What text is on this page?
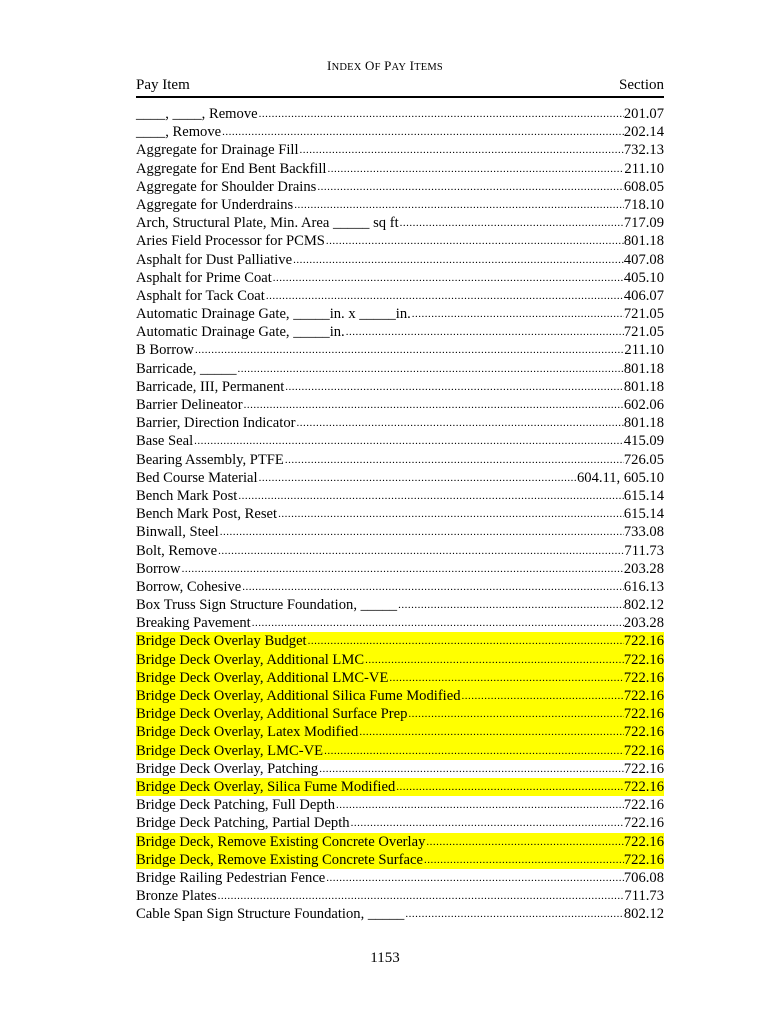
INDEX OF PAY ITEMS
Pay Item	Section
____, ____, Remove .....	201.07
____, Remove .....	202.14
Aggregate for Drainage Fill .....	732.13
Aggregate for End Bent Backfill .....	211.10
Aggregate for Shoulder Drains .....	608.05
Aggregate for Underdrains .....	718.10
Arch, Structural Plate, Min. Area _____ sq ft .....	717.09
Aries Field Processor for PCMS .....	801.18
Asphalt for Dust Palliative .....	407.08
Asphalt for Prime Coat .....	405.10
Asphalt for Tack Coat .....	406.07
Automatic Drainage Gate, _____in. x _____in. .....	721.05
Automatic Drainage Gate, _____in. .....	721.05
B Borrow .....	211.10
Barricade, _____ .....	801.18
Barricade, III, Permanent .....	801.18
Barrier Delineator .....	602.06
Barrier, Direction Indicator .....	801.18
Base Seal .....	415.09
Bearing Assembly, PTFE .....	726.05
Bed Course Material .....	604.11, 605.10
Bench Mark Post .....	615.14
Bench Mark Post, Reset .....	615.14
Binwall, Steel .....	733.08
Bolt, Remove .....	711.73
Borrow .....	203.28
Borrow, Cohesive .....	616.13
Box Truss Sign Structure Foundation, _____ .....	802.12
Breaking Pavement .....	203.28
Bridge Deck Overlay Budget .....	722.16
Bridge Deck Overlay, Additional LMC .....	722.16
Bridge Deck Overlay, Additional LMC-VE .....	722.16
Bridge Deck Overlay, Additional Silica Fume Modified .....	722.16
Bridge Deck Overlay, Additional Surface Prep .....	722.16
Bridge Deck Overlay, Latex Modified .....	722.16
Bridge Deck Overlay, LMC-VE .....	722.16
Bridge Deck Overlay, Patching .....	722.16
Bridge Deck Overlay, Silica Fume Modified .....	722.16
Bridge Deck Patching, Full Depth .....	722.16
Bridge Deck Patching, Partial Depth .....	722.16
Bridge Deck, Remove Existing Concrete Overlay .....	722.16
Bridge Deck, Remove Existing Concrete Surface .....	722.16
Bridge Railing Pedestrian Fence .....	706.08
Bronze Plates .....	711.73
Cable Span Sign Structure Foundation, _____ .....	802.12
1153
